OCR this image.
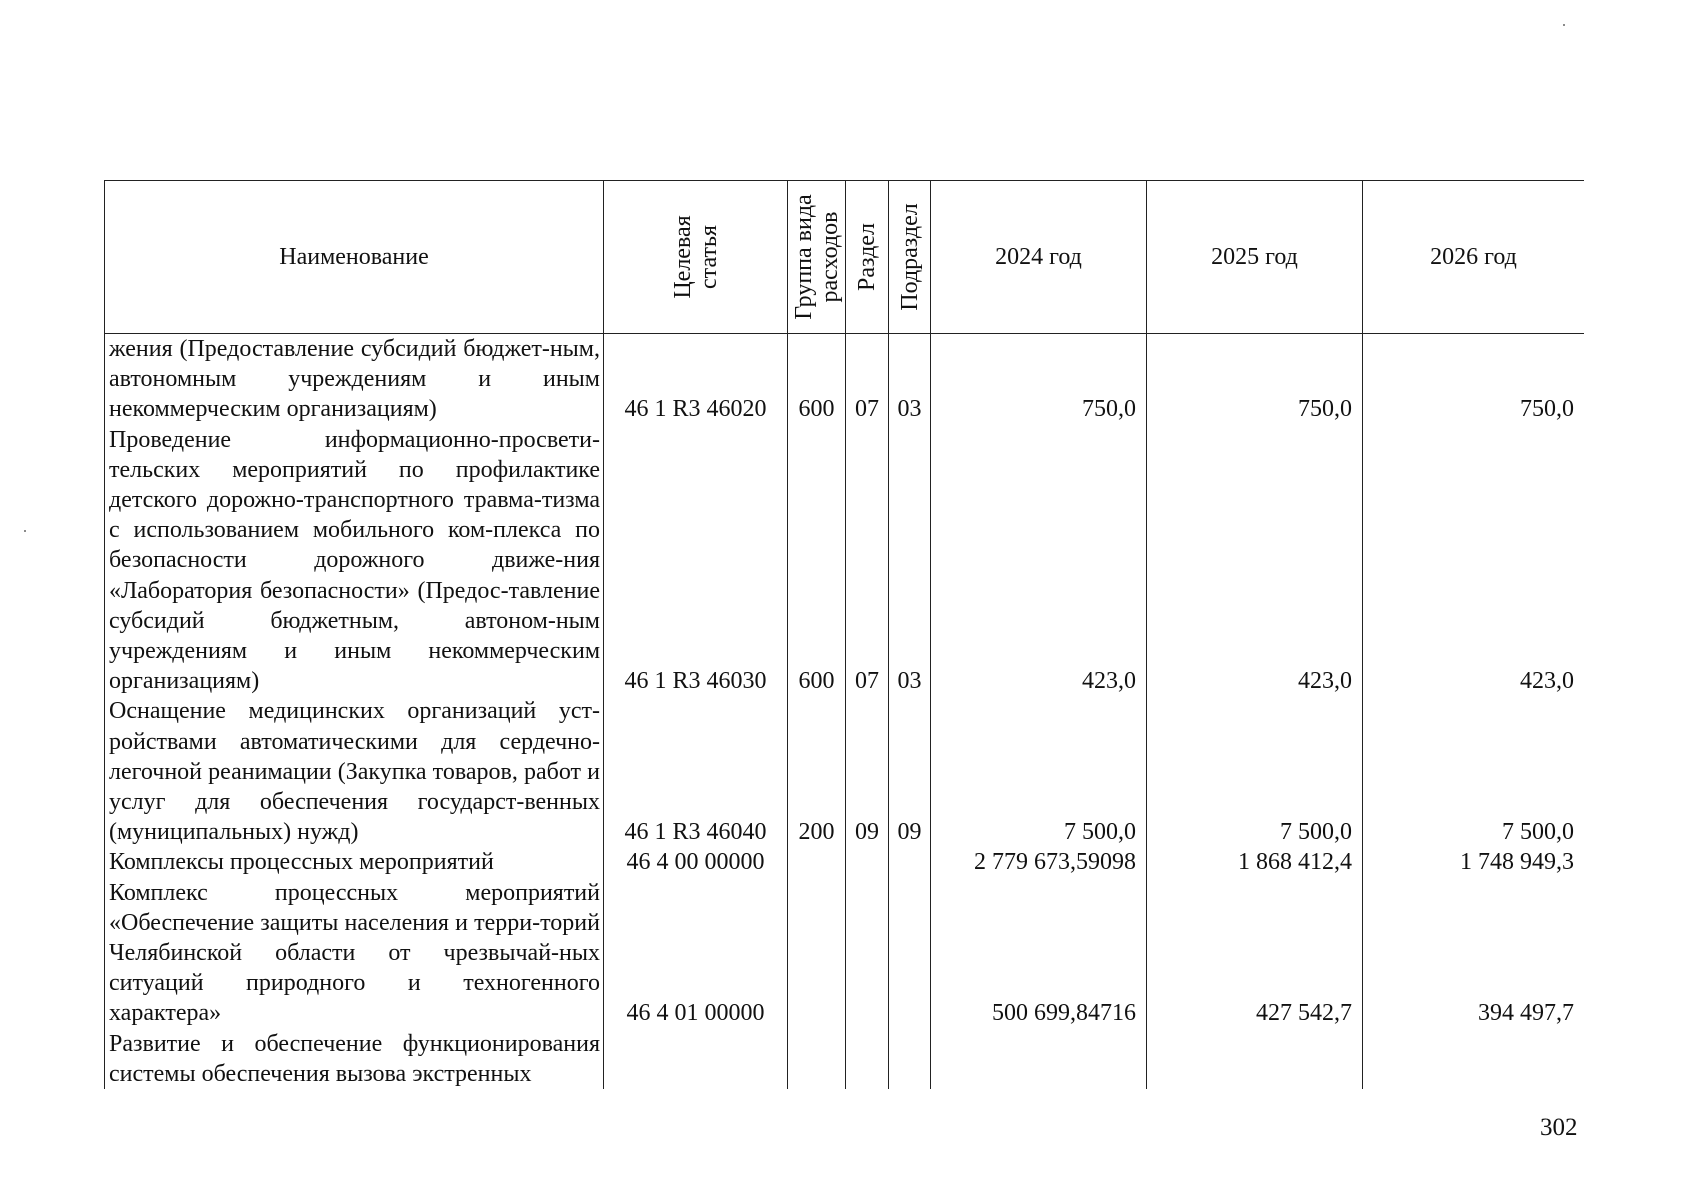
Наименование	Целевая статья	Группа вида расходов	Раздел	Подраздел	2024 год	2025 год	2026 год
жения (Предоставление субсидий бюджет-ным, автономным учреждениям и иным некоммерческим организациям)	46 1 R3 46020	600	07	03	750,0	750,0	750,0
Проведение информационно-просвети-тельских мероприятий по профилактике детского дорожно-транспортного травма-тизма с использованием мобильного ком-плекса по безопасности дорожного движе-ния «Лаборатория безопасности» (Предос-тавление субсидий бюджетным, автоном-ным учреждениям и иным некоммерческим организациям)	46 1 R3 46030	600	07	03	423,0	423,0	423,0
Оснащение медицинских организаций уст-ройствами автоматическими для сердечно-легочной реанимации (Закупка товаров, работ и услуг для обеспечения государст-венных (муниципальных) нужд)	46 1 R3 46040	200	09	09	7 500,0	7 500,0	7 500,0
Комплексы процессных мероприятий	46 4 00 00000				2 779 673,59098	1 868 412,4	1 748 949,3
Комплекс процессных мероприятий «Обеспечение защиты населения и терри-торий Челябинской области от чрезвычай-ных ситуаций природного и техногенного характера»	46 4 01 00000				500 699,84716	427 542,7	394 497,7
Развитие и обеспечение функционирования системы обеспечения вызова экстренных							
302
